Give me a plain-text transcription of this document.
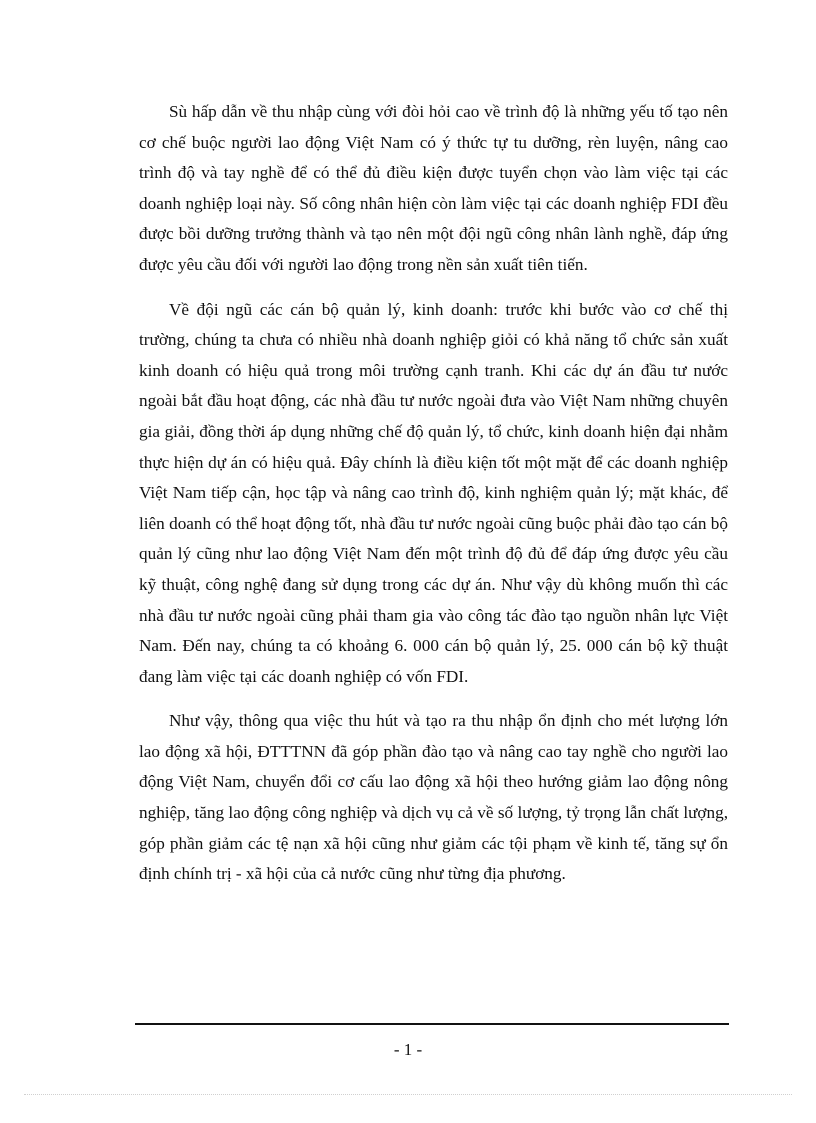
Sù hấp dẫn về thu nhập cùng với đòi hỏi cao về trình độ là những yếu tố tạo nên cơ chế buộc người lao động Việt Nam có ý thức tự tu dưỡng, rèn luyện, nâng cao trình độ và tay nghề để có thể đủ điều kiện được tuyển chọn vào làm việc tại các doanh nghiệp loại này. Số công nhân hiện còn làm việc tại các doanh nghiệp FDI đều được bồi dưỡng trưởng thành và tạo nên một đội ngũ công nhân lành nghề, đáp ứng được yêu cầu đối với người lao động trong nền sản xuất tiên tiến.

Về đội ngũ các cán bộ quản lý, kinh doanh: trước khi bước vào cơ chế thị trường, chúng ta chưa có nhiều nhà doanh nghiệp giỏi có khả năng tổ chức sản xuất kinh doanh có hiệu quả trong môi trường cạnh tranh. Khi các dự án đầu tư nước ngoài bắt đầu hoạt động, các nhà đầu tư nước ngoài đưa vào Việt Nam những chuyên gia giải, đồng thời áp dụng những chế độ quản lý, tổ chức, kinh doanh hiện đại nhằm thực hiện dự án có hiệu quả. Đây chính là điều kiện tốt một mặt để các doanh nghiệp Việt Nam tiếp cận, học tập và nâng cao trình độ, kinh nghiệm quản lý; mặt khác, để liên doanh có thể hoạt động tốt, nhà đầu tư nước ngoài cũng buộc phải đào tạo cán bộ quản lý cũng như lao động Việt Nam đến một trình độ đủ để đáp ứng được yêu cầu kỹ thuật, công nghệ đang sử dụng trong các dự án. Như vậy dù không muốn thì các nhà đầu tư nước ngoài cũng phải tham gia vào công tác đào tạo nguồn nhân lực Việt Nam. Đến nay, chúng ta có khoảng 6. 000 cán bộ quản lý, 25. 000 cán bộ kỹ thuật đang làm việc tại các doanh nghiệp có vốn FDI.

Như vậy, thông qua việc thu hút và tạo ra thu nhập ổn định cho mét lượng lớn lao động xã hội, ĐTTTNN đã góp phần đào tạo và nâng cao tay nghề cho người lao động Việt Nam, chuyển đổi cơ cấu lao động xã hội theo hướng giảm lao động nông nghiệp, tăng lao động công nghiệp và dịch vụ cả về số lượng, tỷ trọng lẫn chất lượng, góp phần giảm các tệ nạn xã hội cũng như giảm các tội phạm về kinh tế, tăng sự ổn định chính trị - xã hội của cả nước cũng như từng địa phương.

- 1 -
